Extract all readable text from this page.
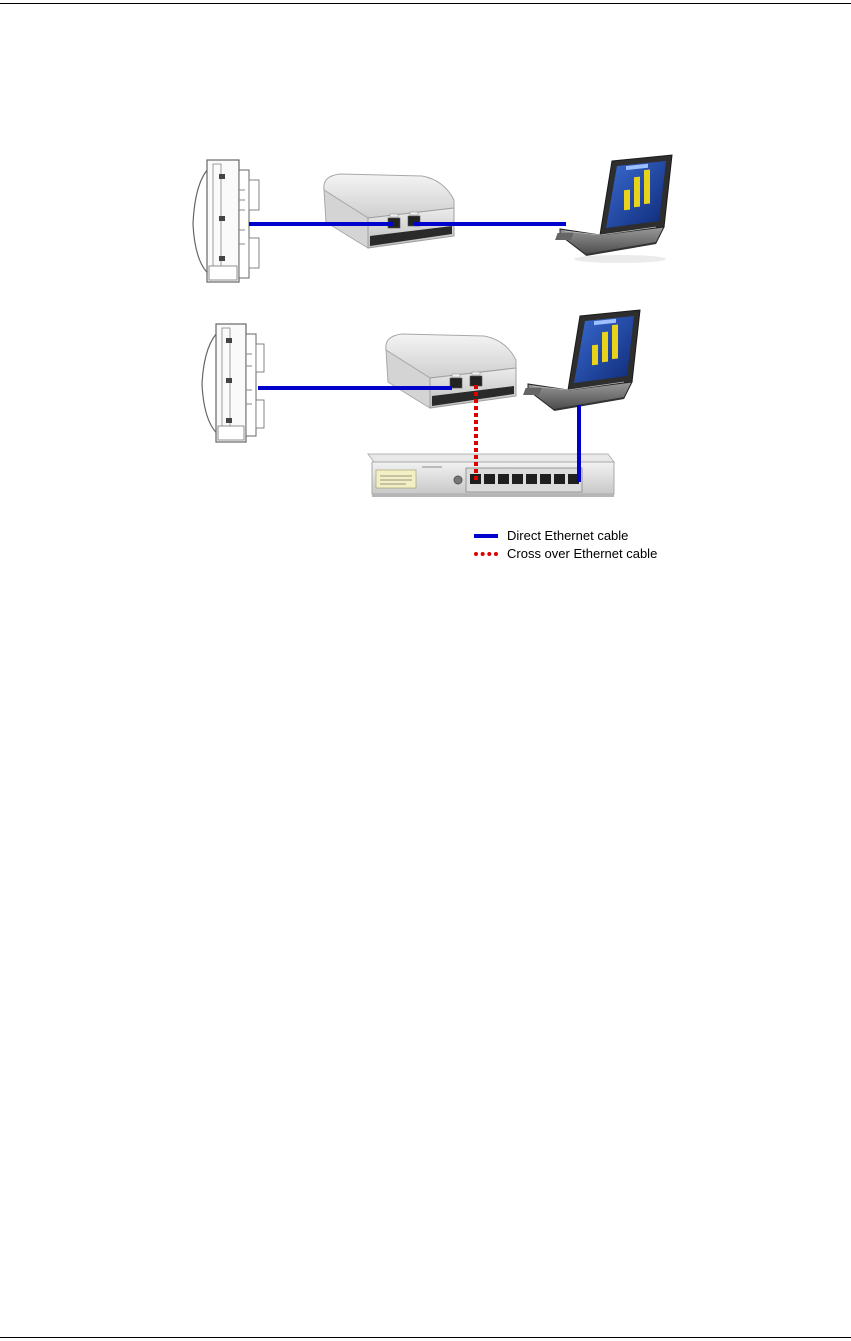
Direct Ethernet cable
Cross over Ethernet cable
